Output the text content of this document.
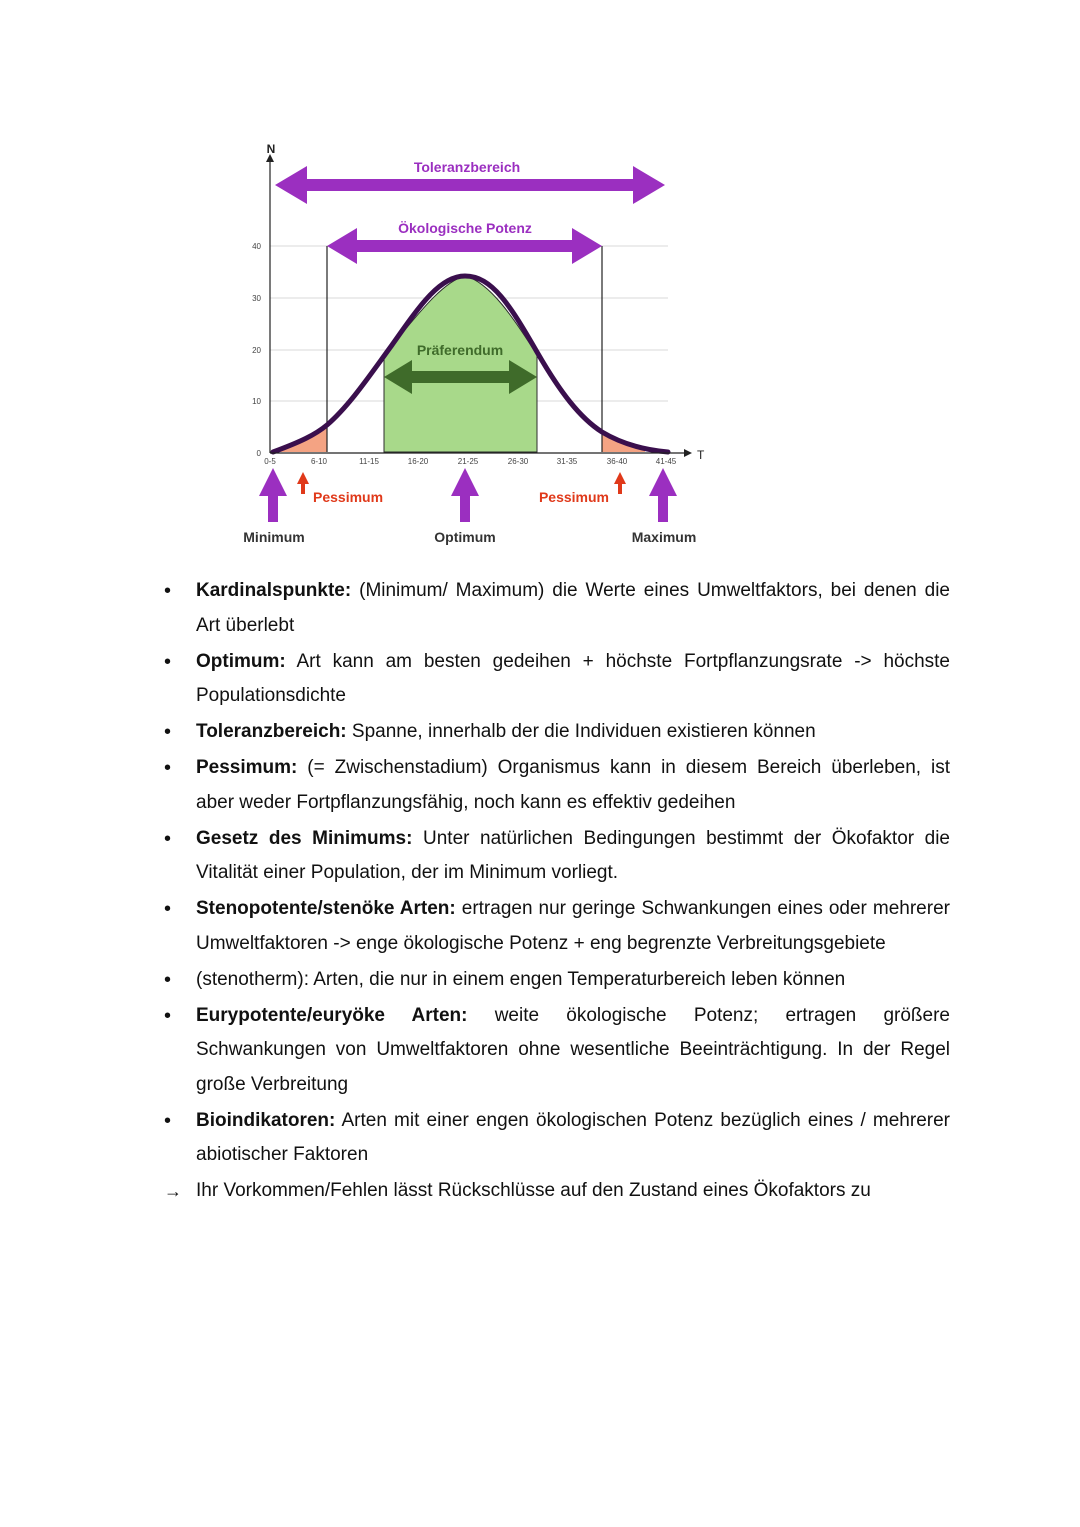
N
T
0
10
20
30
40
0-5	6-10	11-15	16-20	21-25	26-30	31-35	36-40	41-45
Toleranzbereich
Ökologische Potenz
Präferendum
Pessimum	Pessimum
Minimum	Optimum	Maximum
•	Kardinalspunkte: (Minimum/ Maximum) die Werte eines Umweltfaktors, bei denen die Art überlebt
•	Optimum: Art kann am besten gedeihen + höchste Fortpflanzungsrate -> höchste Populationsdichte
•	Toleranzbereich: Spanne, innerhalb der die Individuen existieren können
•	Pessimum: (= Zwischenstadium) Organismus kann in diesem Bereich überleben, ist aber weder Fortpflanzungsfähig, noch kann es effektiv gedeihen
•	Gesetz des Minimums: Unter natürlichen Bedingungen bestimmt der Ökofaktor die Vitalität einer Population, der im Minimum vorliegt.
•	Stenopotente/stenöke Arten: ertragen nur geringe Schwankungen eines oder mehrerer Umweltfaktoren -> enge ökologische Potenz + eng begrenzte Verbreitungsgebiete
•	(stenotherm): Arten, die nur in einem engen Temperaturbereich leben können
•	Eurypotente/euryöke Arten: weite ökologische Potenz; ertragen größere Schwankungen von Umweltfaktoren ohne wesentliche Beeinträchtigung. In der Regel große Verbreitung
•	Bioindikatoren: Arten mit einer engen ökologischen Potenz bezüglich eines / mehrerer abiotischer Faktoren
→ Ihr Vorkommen/Fehlen lässt Rückschlüsse auf den Zustand eines Ökofaktors zu
